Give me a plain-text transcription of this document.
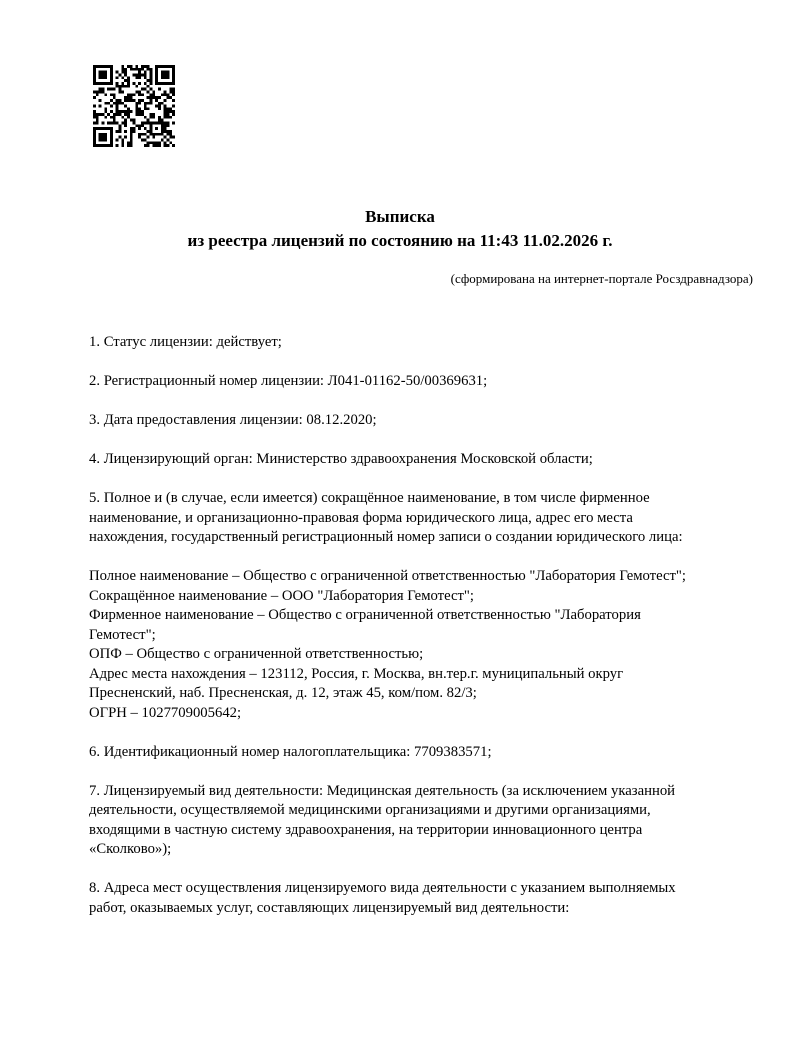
Выписка
из реестра лицензий по состоянию на 11:43 11.02.2026 г.
(сформирована на интернет-портале Росздравнадзора)

1. Статус лицензии: действует;

2. Регистрационный номер лицензии: Л041-01162-50/00369631;

3. Дата предоставления лицензии: 08.12.2020;

4. Лицензирующий орган: Министерство здравоохранения Московской области;

5. Полное и (в случае, если имеется) сокращённое наименование, в том числе фирменное
наименование, и организационно-правовая форма юридического лица, адрес его места
нахождения, государственный регистрационный номер записи о создании юридического лица:

Полное наименование – Общество с ограниченной ответственностью "Лаборатория Гемотест";
Сокращённое наименование – ООО "Лаборатория Гемотест";
Фирменное наименование – Общество с ограниченной ответственностью "Лаборатория
Гемотест";
ОПФ – Общество с ограниченной ответственностью;
Адрес места нахождения – 123112, Россия, г. Москва, вн.тер.г. муниципальный округ
Пресненский, наб. Пресненская, д. 12, этаж 45, ком/пом. 82/3;
ОГРН – 1027709005642;

6. Идентификационный номер налогоплательщика: 7709383571;

7. Лицензируемый вид деятельности: Медицинская деятельность (за исключением указанной
деятельности, осуществляемой медицинскими организациями и другими организациями,
входящими в частную систему здравоохранения, на территории инновационного центра
«Сколково»);

8. Адреса мест осуществления лицензируемого вида деятельности с указанием выполняемых
работ, оказываемых услуг, составляющих лицензируемый вид деятельности:
